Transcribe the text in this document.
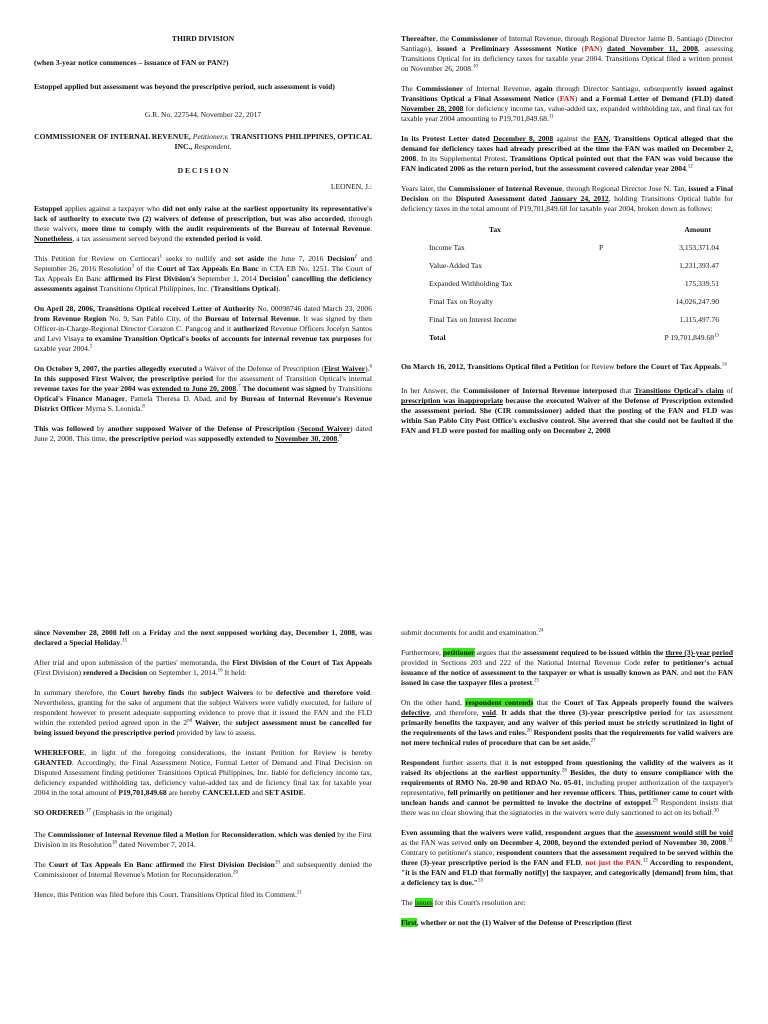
THIRD DIVISION

(when 3-year notice commences – issuance of FAN or PAN?)

Estoppel applied but assessment was beyond the prescriptive period, such assessment is void)

G.R. No. 227544, November 22, 2017

COMMISSIONER OF INTERNAL REVENUE, Petitioner,v. TRANSITIONS PHILIPPINES, OPTICAL INC., Respondent.

D E C I S I O N

LEONEN, J.:

Estoppel applies against a taxpayer who did not only raise at the earliest opportunity its representative's lack of authority to execute two (2) waivers of defense of prescription, but was also accorded, through these waivers, more time to comply with the audit requirements of the Bureau of Internal Revenue. Nonetheless, a tax assessment served beyond the extended period is void.

This Petition for Review on Certiorari$^1$ seeks to nullify and set aside the June 7, 2016 Decision$^2$ and September 26, 2016 Resolution$^3$ of the Court of Tax Appeals En Banc in CTA EB No. 1251. The Court of Tax Appeals En Banc affirmed its First Division's September 1, 2014 Decision$^4$ cancelling the deficiency assessments against Transitions Optical Philippines, Inc. (Transitions Optical).

On April 28, 2006, Transitions Optical received Letter of Authority No. 00098746 dated March 23, 2006 from Revenue Region No. 9, San Pablo City, of the Bureau of Internal Revenue. It was signed by then Officer-in-Charge-Regional Director Corazon C. Pangcog and it authorized Revenue Officers Jocelyn Santos and Levi Visaya to examine Transition Optical's books of accounts for internal revenue tax purposes for taxable year 2004.$^5$

On October 9, 2007, the parties allegedly executed a Waiver of the Defense of Prescription (First Waiver).$^6$ In this supposed First Waiver, the prescriptive period for the assessment of Transition Optical's internal revenue taxes for the year 2004 was extended to June 20, 2008.$^7$ The document was signed by Transitions Optical's Finance Manager, Pamela Theresa D. Abad, and by Bureau of Internal Revenue's Revenue District Officer Myrna S. Leonida.$^8$

This was followed by another supposed Waiver of the Defense of Prescription (Second Waiver) dated June 2, 2008. This time, the prescriptive period was supposedly extended to November 30, 2008.$^9$

Thereafter, the Commissioner of Internal Revenue, through Regional Director Jaime B. Santiago (Director Santiago), issued a Preliminary Assessment Notice (PAN) dated November 11, 2008, assessing Transitions Optical for its deficiency taxes for taxable year 2004. Transitions Optical filed a written protest on November 26, 2008.10

The Commissioner of Internal Revenue, again through Director Santiago, subsequently issued against Transitions Optical a Final Assessment Notice (FAN) and a Formal Letter of Demand (FLD) dated November 28, 2008 for deficiency income tax, value-added tax, expanded withholding tax, and final tax for taxable year 2004 amounting to P19,701,849.68.11

In its Protest Letter dated December 8, 2008 against the FAN, Transitions Optical alleged that the demand for deficiency taxes had already prescribed at the time the FAN was mailed on December 2, 2008. In its Supplemental Protest, Transitions Optical pointed out that the FAN was void because the FAN indicated 2006 as the return period, but the assessment covered calendar year 2004.12

Years later, the Commissioner of Internal Revenue, through Regional Director Jose N. Tan, issued a Final Decision on the Disputed Assessment dated January 24, 2012, holding Transitions Optical liable for deficiency taxes in the total amount of P19,701,849.68 for taxable year 2004, broken down as follows:

Tax		Amount
Income Tax	P	3,153,371.04
Value-Added Tax		1,231,393.47
Expanded Withholding Tax		175,339.51
Final Tax on Royalty		14,026,247.90
Final Tax on Interest Income		1,115,497.76
Total		P 19,701,849.68$^{13}$

On March 16, 2012, Transitions Optical filed a Petition for Review before the Court of Tax Appeals.$^{14}$

In her Answer, the Commissioner of Internal Revenue interposed that Transitions Optical's claim of prescription was inappropriate because the executed Waiver of the Defense of Prescription extended the assessment period. She (CIR commissioner) added that the posting of the FAN and FLD was within San Pablo City Post Office's exclusive control. She averred that she could not be faulted if the FAN and FLD were posted for mailing only on December 2, 2008

since November 28, 2008 fell on a Friday and the next supposed working day, December 1, 2008, was declared a Special Holiday.$^{15}$

After trial and upon submission of the parties' memoranda, the First Division of the Court of Tax Appeals (First Division) rendered a Decision on September 1, 2014.16 It held:

In summary therefore, the Court hereby finds the subject Waivers to be defective and therefore void. Nevertheless, granting for the sake of argument that the subject Waivers were validly executed, for failure of respondent however to present adequate supporting evidence to prove that it issued the FAN and the FLD within the extended period agreed upon in the 2nd Waiver, the subject assessment must be cancelled for being issued beyond the prescriptive period provided by law to assess.

WHEREFORE, in light of the foregoing considerations, the instant Petition for Review is hereby GRANTED. Accordingly, the Final Assessment Notice, Formal Letter of Demand and Final Decision on Disputed Assessment finding petitioner Transitions Optical Philippines, Inc. liable for deficiency income tax, deficiency expanded withholding tax, deficiency value-added tax and de ficiency final tax for taxable year 2004 in the total amount of P19,701,849.68 are hereby CANCELLED and SET ASIDE.

SO ORDERED.$^{17}$ (Emphasis in the original)

The Commissioner of Internal Revenue filed a Motion for Reconsideration, which was denied by the First Division in its Resolution$^{18}$ dated November 7, 2014.

The Court of Tax Appeals En Banc affirmed the First Division Decision$^{19}$ and subsequently denied the Commissioner of Internal Revenue's Motion for Reconsideration.$^{20}$

Hence, this Petition was filed before this Court. Transitions Optical filed its Comment.$^{21}$

submit documents for audit and examination.$^{24}$

Furthermore, petitioner argues that the assessment required to be issued within the three (3)-year period provided in Sections 203 and 222 of the National Internal Revenue Code refer to petitioner's actual issuance of the notice of assessment to the taxpayer or what is usually known as PAN, and not the FAN issued in case the taxpayer files a protest.$^{25}$

On the other hand, respondent contends that the Court of Tax Appeals properly found the waivers defective, and therefore, void. It adds that the three (3)-year prescriptive period for tax assessment primarily benefits the taxpayer, and any waiver of this period must be strictly scrutinized in light of the requirements of the laws and rules.$^{26}$ Respondent posits that the requirements for valid waivers are not mere technical rules of procedure that can be set aside.$^{27}$

Respondent further asserts that it is not estopped from questioning the validity of the waivers as it raised its objections at the earliest opportunity.$^{28}$ Besides, the duty to ensure compliance with the requirements of RMO No. 20-90 and RDAO No. 05-01, including proper authorization of the taxpayer's representative, fell primarily on petitioner and her revenue officers. Thus, petitioner came to court with unclean hands and cannot be permitted to invoke the doctrine of estoppel.$^{29}$ Respondent insists that there was no clear showing that the signatories in the waivers were duly sanctioned to act on its behalf.$^{30}$

Even assuming that the waivers were valid, respondent argues that the assessment would still be void as the FAN was served only on December 4, 2008, beyond the extended period of November 30, 2008.31 Contrary to petitioner's stance, respondent counters that the assessment required to be served within the three (3)-year prescriptive period is the FAN and FLD, not just the PAN.$^{32}$ According to respondent, "it is the FAN and FLD that formally notif[y] the taxpayer, and categorically [demand] from him, that a deficiency tax is due."$^{33}$

The issues for this Court's resolution are:

First, whether or not the (1) Waiver of the Defense of Prescription (first
